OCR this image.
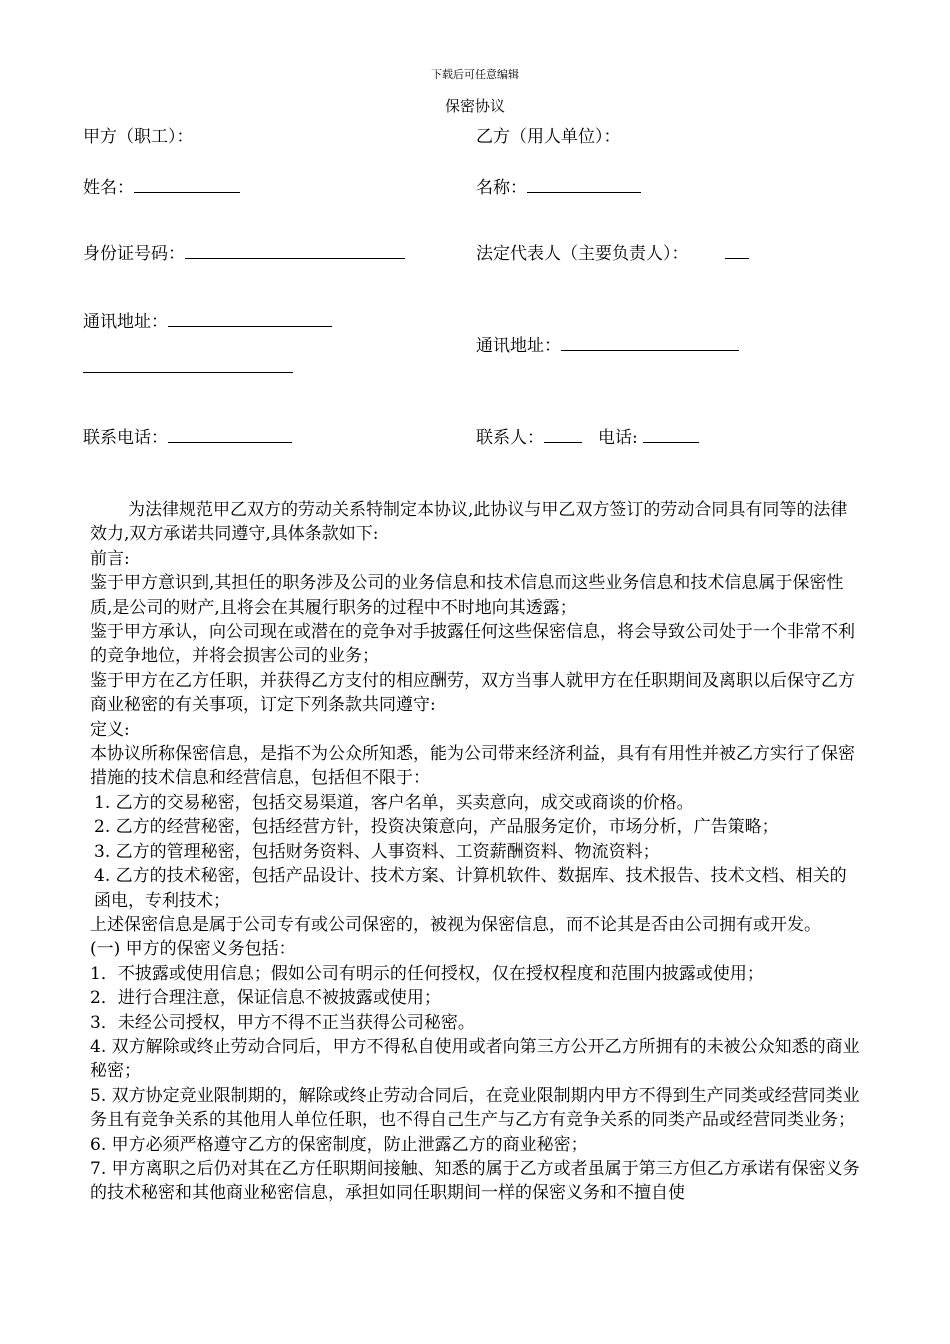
下载后可任意编辑
保密协议
甲方（职工）：
姓名：
身份证号码：
通讯地址：
联系电话：
乙方（用人单位）：
名称：
法定代表人（主要负责人）：
通讯地址：
联系人：	电话:

为法律规范甲乙双方的劳动关系特制定本协议,此协议与甲乙双方签订的劳动合同具有同等的法律效力,双方承诺共同遵守,具体条款如下:

前言:

鉴于甲方意识到,其担任的职务涉及公司的业务信息和技术信息而这些业务信息和技术信息属于保密性质,是公司的财产,且将会在其履行职务的过程中不时地向其透露；

鉴于甲方承认，向公司现在或潜在的竞争对手披露任何这些保密信息，将会导致公司处于一个非常不利的竞争地位，并将会损害公司的业务；

鉴于甲方在乙方任职，并获得乙方支付的相应酬劳，双方当事人就甲方在任职期间及离职以后保守乙方商业秘密的有关事项，订定下列条款共同遵守:

定义:

本协议所称保密信息，是指不为公众所知悉，能为公司带来经济利益，具有有用性并被乙方实行了保密措施的技术信息和经营信息，包括但不限于：

1. 乙方的交易秘密，包括交易渠道，客户名单，买卖意向，成交或商谈的价格。

2. 乙方的经营秘密，包括经营方针，投资决策意向，产品服务定价，市场分析，广告策略；

3. 乙方的管理秘密，包括财务资料、人事资料、工资薪酬资料、物流资料；

4. 乙方的技术秘密，包括产品设计、技术方案、计算机软件、数据库、技术报告、技术文档、相关的函电，专利技术；

上述保密信息是属于公司专有或公司保密的，被视为保密信息，而不论其是否由公司拥有或开发。

(一) 甲方的保密义务包括：

1．不披露或使用信息；假如公司有明示的任何授权，仅在授权程度和范围内披露或使用；

2．进行合理注意，保证信息不被披露或使用；

3．未经公司授权，甲方不得不正当获得公司秘密。

4. 双方解除或终止劳动合同后，甲方不得私自使用或者向第三方公开乙方所拥有的未被公众知悉的商业秘密；

5. 双方协定竞业限制期的，解除或终止劳动合同后，在竞业限制期内甲方不得到生产同类或经营同类业务且有竞争关系的其他用人单位任职，也不得自己生产与乙方有竞争关系的同类产品或经营同类业务；

6. 甲方必须严格遵守乙方的保密制度，防止泄露乙方的商业秘密；

7. 甲方离职之后仍对其在乙方任职期间接触、知悉的属于乙方或者虽属于第三方但乙方承诺有保密义务的技术秘密和其他商业秘密信息，承担如同任职期间一样的保密义务和不擅自使
